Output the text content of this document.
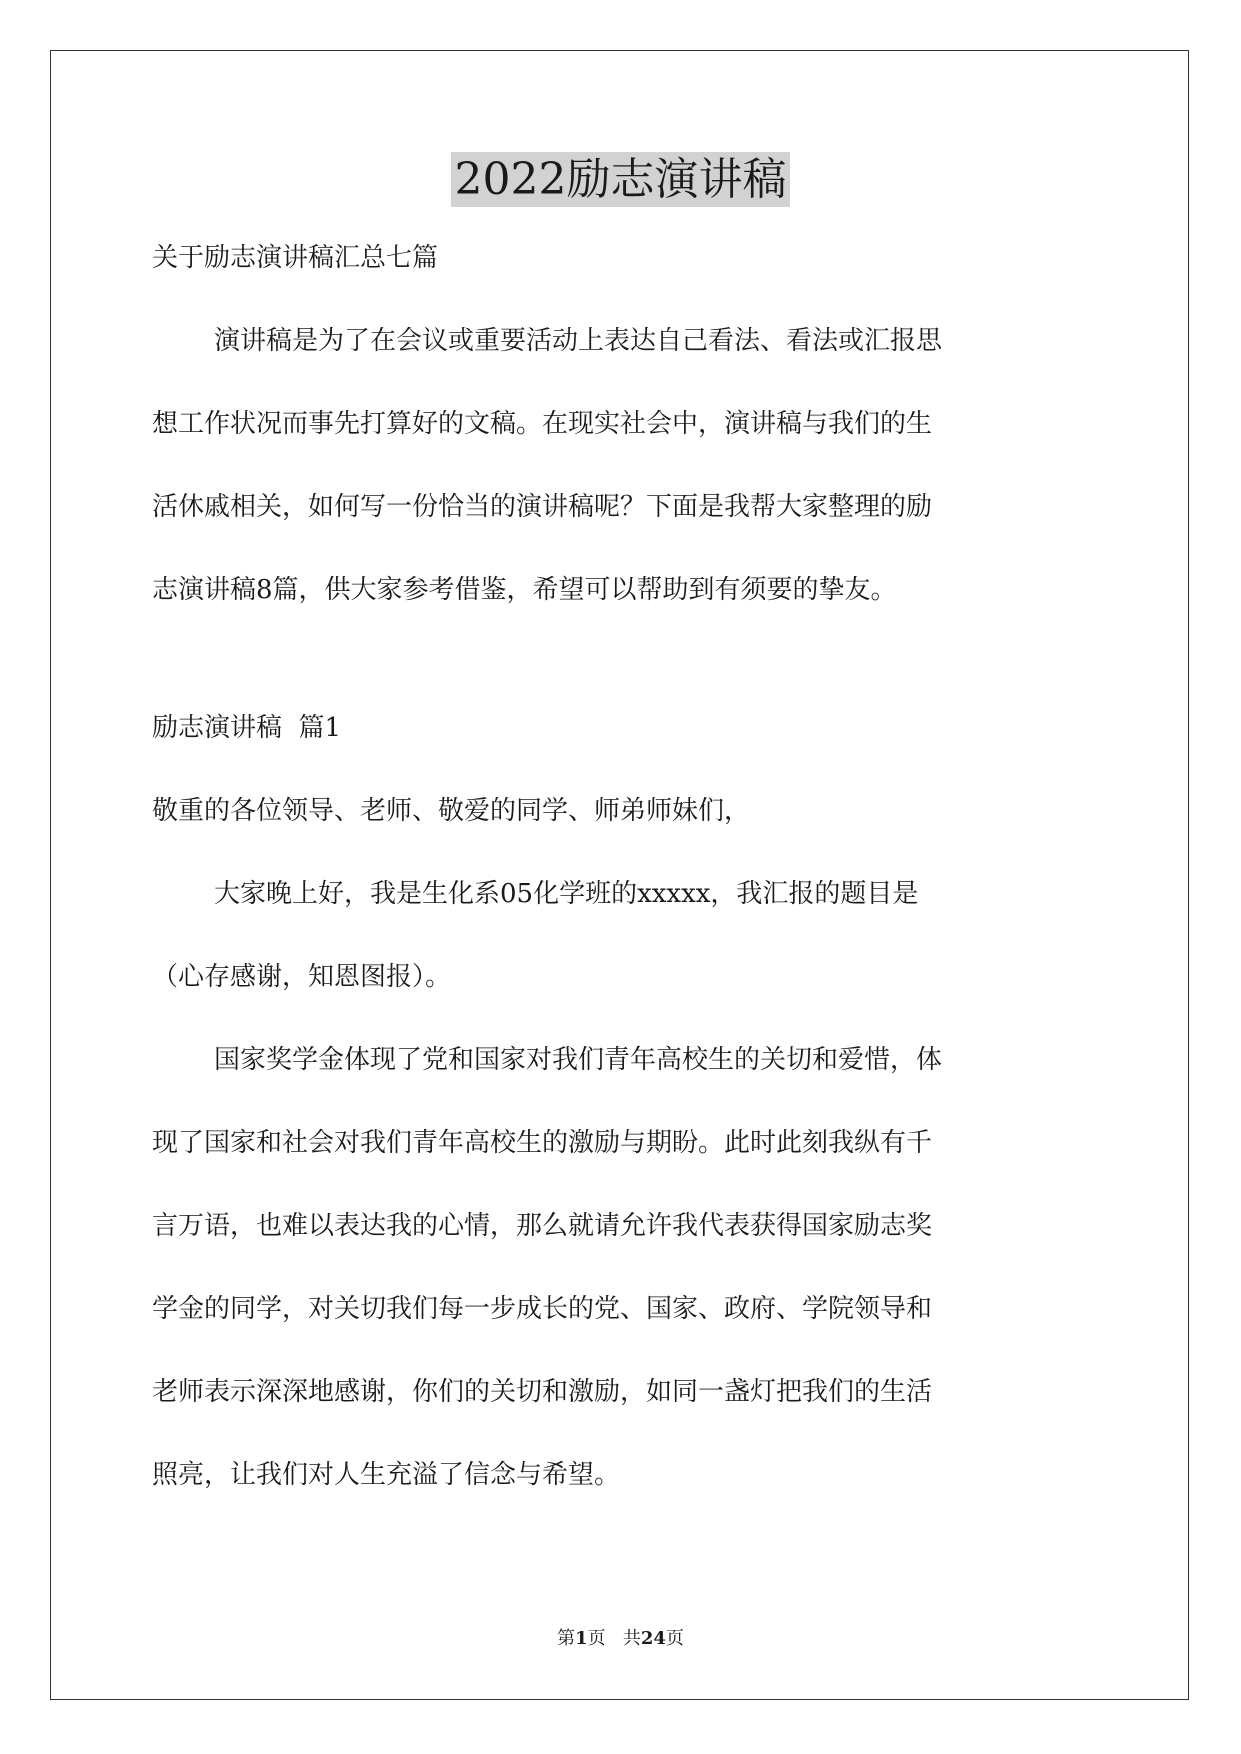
2022励志演讲稿
关于励志演讲稿汇总七篇
演讲稿是为了在会议或重要活动上表达自己看法、看法或汇报思
想工作状况而事先打算好的文稿。在现实社会中，演讲稿与我们的生
活休戚相关，如何写一份恰当的演讲稿呢？下面是我帮大家整理的励
志演讲稿8篇，供大家参考借鉴，希望可以帮助到有须要的挚友。
励志演讲稿  篇1
敬重的各位领导、老师、敬爱的同学、师弟师妹们，
大家晚上好，我是生化系05化学班的xxxxx，我汇报的题目是
（心存感谢，知恩图报）。
国家奖学金体现了党和国家对我们青年高校生的关切和爱惜，体
现了国家和社会对我们青年高校生的激励与期盼。此时此刻我纵有千
言万语，也难以表达我的心情，那么就请允许我代表获得国家励志奖
学金的同学，对关切我们每一步成长的党、国家、政府、学院领导和
老师表示深深地感谢，你们的关切和激励，如同一盏灯把我们的生活
照亮，让我们对人生充溢了信念与希望。
第1页 共24页
